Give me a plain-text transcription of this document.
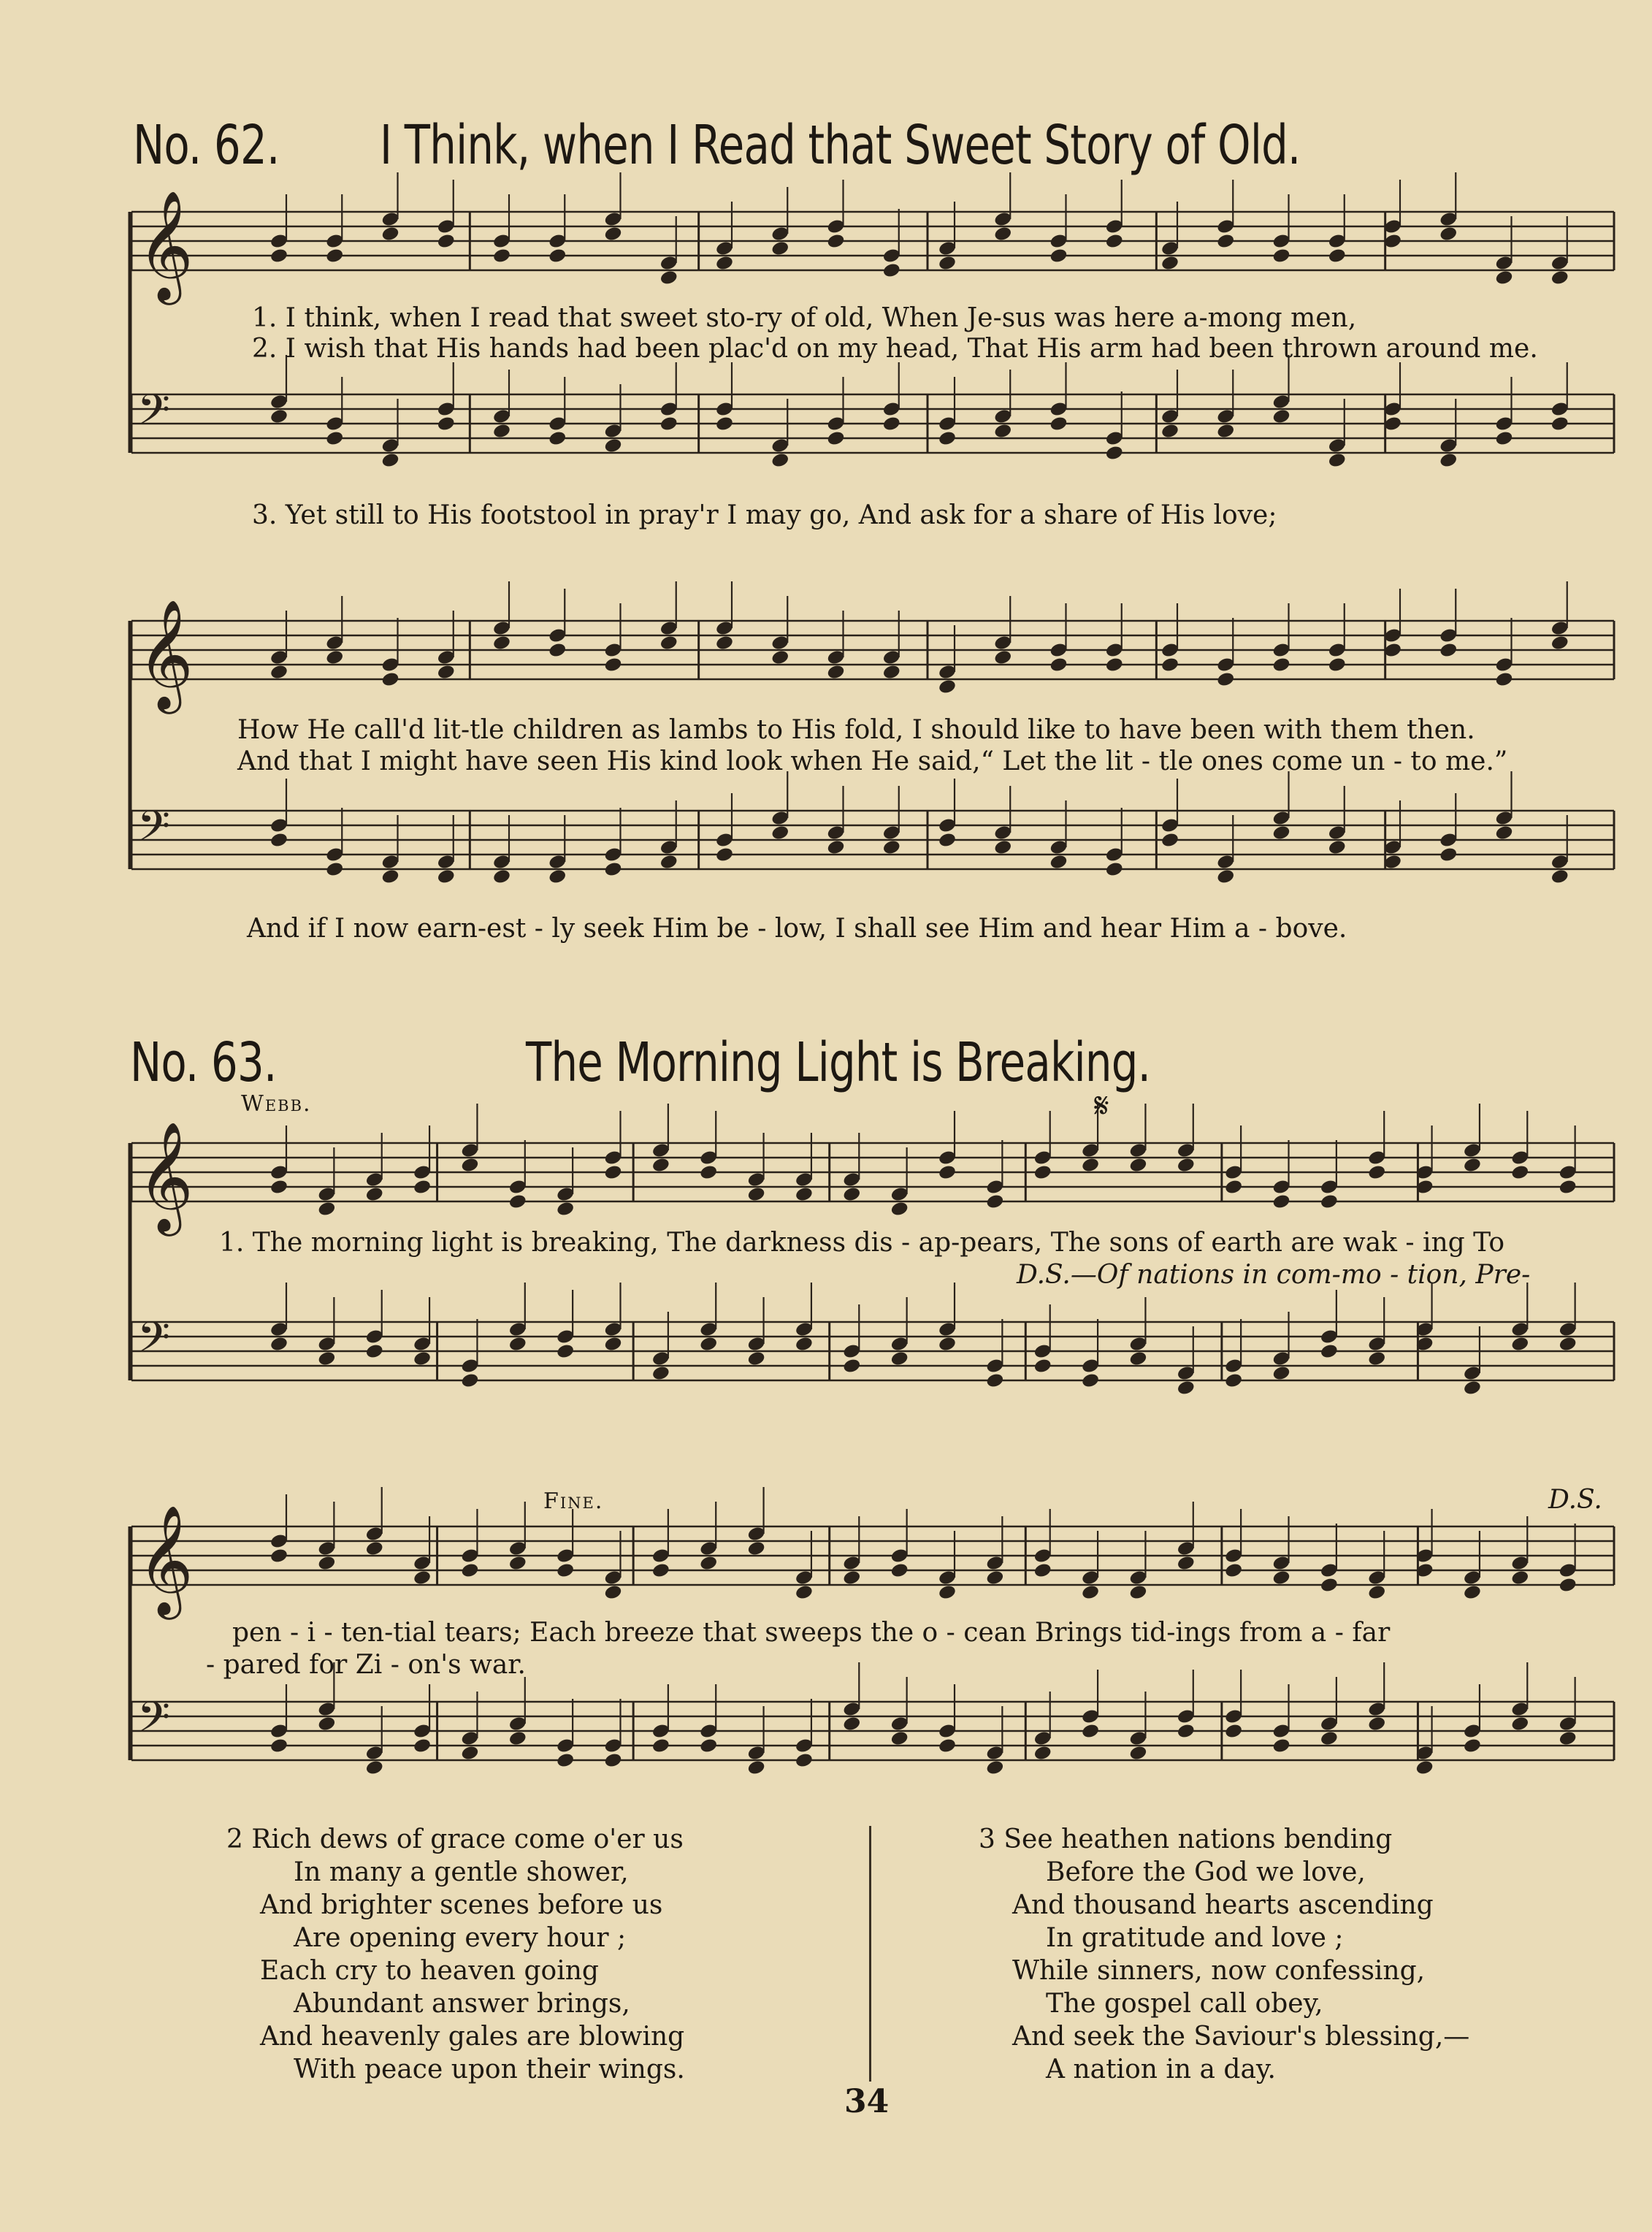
𝄞
𝄢
𝄞
𝄢
𝄞
𝄢
𝄞
𝄢
No. 62. I Think, when I Read that Sweet Story of Old.
1. I think, when I read that sweet sto-ry of old, When Je-sus was here a-mong men,
2. I wish that His hands had been plac'd on my head, That His arm had been thrown around me.
3. Yet still to His footstool in pray'r I may go, And ask for a share of His love;
How He call'd lit-tle children as lambs to His fold, I should like to have been with them then.
And that I might have seen His kind look when He said,“ Let the lit - tle ones come un - to me.”
And if I now earn-est - ly seek Him be - low, I shall see Him and hear Him a - bove.
No. 63.	The Morning Light is Breaking.
Webb.	𝄋
1. The morning light is breaking, The darkness dis - ap-pears, The sons of earth are wak - ing To
D.S.—Of nations in com-mo - tion, Pre-
Fine.	D.S.
pen - i - ten-tial tears; Each breeze that sweeps the o - cean Brings tid-ings from a - far
- pared for Zi - on's war.
2 Rich dews of grace come o'er us
In many a gentle shower,
And brighter scenes before us
Are opening every hour ;
Each cry to heaven going
Abundant answer brings,
And heavenly gales are blowing
With peace upon their wings.
3 See heathen nations bending
Before the God we love,
And thousand hearts ascending
In gratitude and love ;
While sinners, now confessing,
The gospel call obey,
And seek the Saviour's blessing,—
A nation in a day.
34
